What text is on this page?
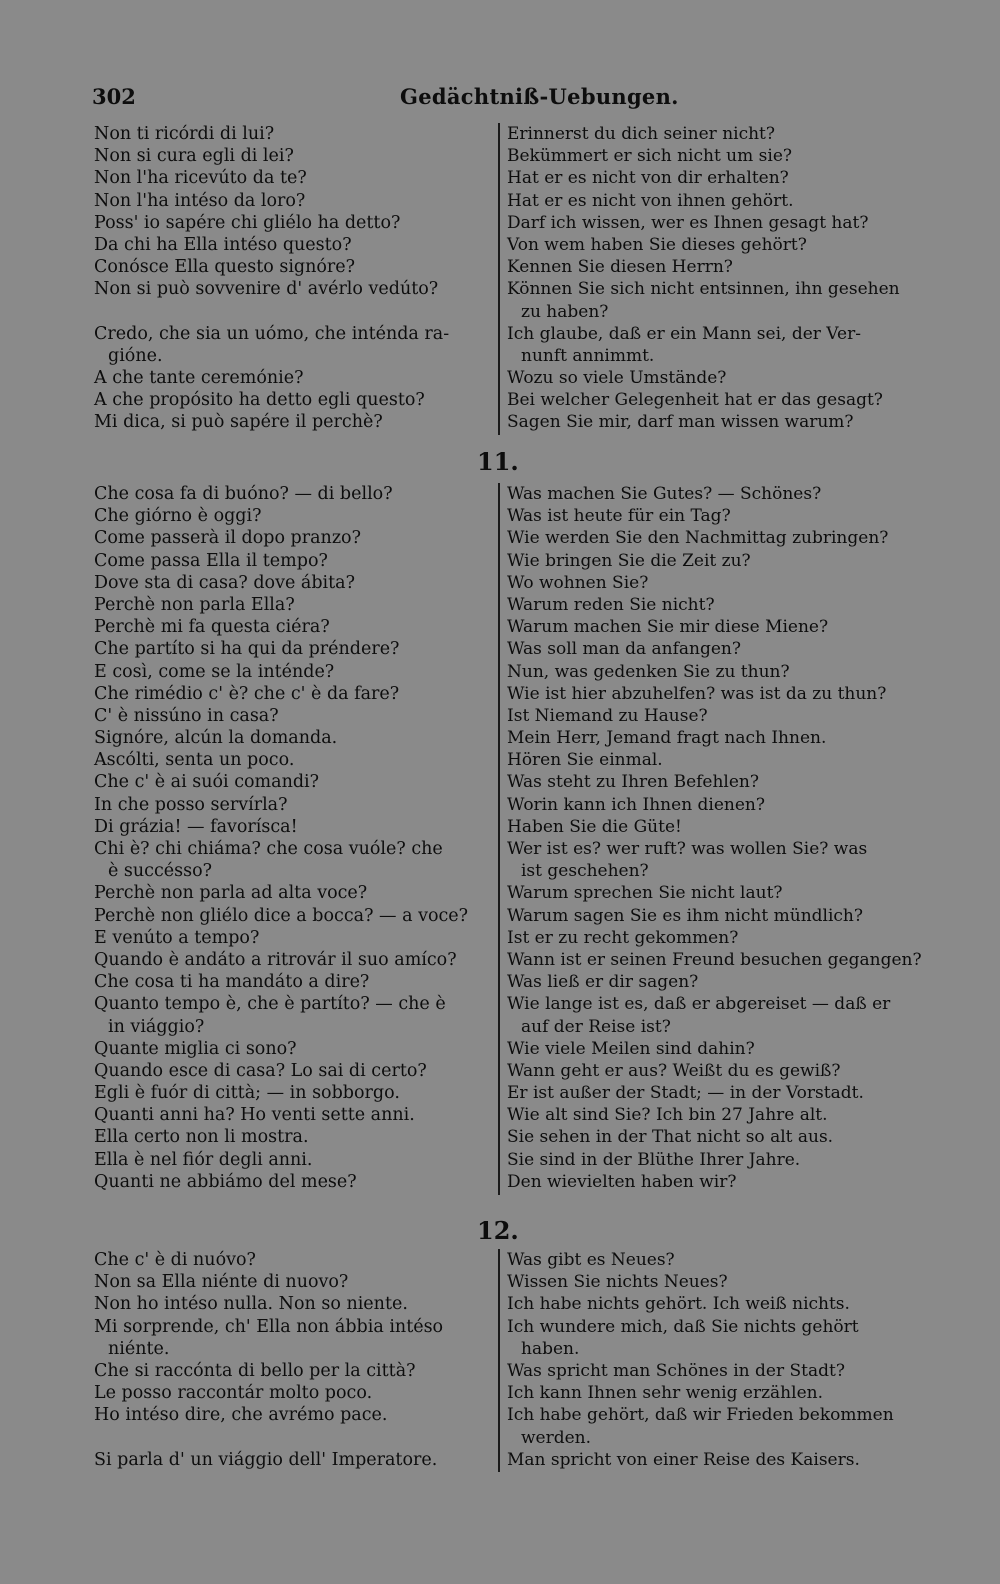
302	Gedächtniß-Uebungen.
Non ti ricórdi di lui?
Non si cura egli di lei?
Non l'ha ricevúto da te?
Non l'ha intéso da loro?
Poss' io sapére chi gliélo ha detto?
Da chi ha Ella intéso questo?
Conósce Ella questo signóre?
Non si può sovvenire d' avérlo vedúto?
Credo, che sia un uómo, che inténda ra-
gióne.
A che tante ceremónie?
A che propósito ha detto egli questo?
Mi dica, si può sapére il perchè?
Erinnerst du dich seiner nicht?
Bekümmert er sich nicht um sie?
Hat er es nicht von dir erhalten?
Hat er es nicht von ihnen gehört.
Darf ich wissen, wer es Ihnen gesagt hat?
Von wem haben Sie dieses gehört?
Kennen Sie diesen Herrn?
Können Sie sich nicht entsinnen, ihn gesehen
zu haben?
Ich glaube, daß er ein Mann sei, der Ver-
nunft annimmt.
Wozu so viele Umstände?
Bei welcher Gelegenheit hat er das gesagt?
Sagen Sie mir, darf man wissen warum?
11.
Che cosa fa di buóno? — di bello?
Che giórno è oggi?
Come passerà il dopo pranzo?
Come passa Ella il tempo?
Dove sta di casa? dove ábita?
Perchè non parla Ella?
Perchè mi fa questa ciéra?
Che partíto si ha qui da préndere?
E così, come se la inténde?
Che rimédio c' è? che c' è da fare?
C' è nissúno in casa?
Signóre, alcún la domanda.
Ascólti, senta un poco.
Che c' è ai suói comandi?
In che posso servírla?
Di grázia! — favorísca!
Chi è? chi chiáma? che cosa vuóle? che
è succésso?
Perchè non parla ad alta voce?
Perchè non gliélo dice a bocca? — a voce?
E venúto a tempo?
Quando è andáto a ritrovár il suo amíco?
Che cosa ti ha mandáto a dire?
Quanto tempo è, che è partíto? — che è
in viággio?
Quante miglia ci sono?
Quando esce di casa? Lo sai di certo?
Egli è fuór di città; — in sobborgo.
Quanti anni ha? Ho venti sette anni.
Ella certo non li mostra.
Ella è nel fiór degli anni.
Quanti ne abbiámo del mese?
Was machen Sie Gutes? — Schönes?
Was ist heute für ein Tag?
Wie werden Sie den Nachmittag zubringen?
Wie bringen Sie die Zeit zu?
Wo wohnen Sie?
Warum reden Sie nicht?
Warum machen Sie mir diese Miene?
Was soll man da anfangen?
Nun, was gedenken Sie zu thun?
Wie ist hier abzuhelfen? was ist da zu thun?
Ist Niemand zu Hause?
Mein Herr, Jemand fragt nach Ihnen.
Hören Sie einmal.
Was steht zu Ihren Befehlen?
Worin kann ich Ihnen dienen?
Haben Sie die Güte!
Wer ist es? wer ruft? was wollen Sie? was
ist geschehen?
Warum sprechen Sie nicht laut?
Warum sagen Sie es ihm nicht mündlich?
Ist er zu recht gekommen?
Wann ist er seinen Freund besuchen gegangen?
Was ließ er dir sagen?
Wie lange ist es, daß er abgereiset — daß er
auf der Reise ist?
Wie viele Meilen sind dahin?
Wann geht er aus? Weißt du es gewiß?
Er ist außer der Stadt; — in der Vorstadt.
Wie alt sind Sie? Ich bin 27 Jahre alt.
Sie sehen in der That nicht so alt aus.
Sie sind in der Blüthe Ihrer Jahre.
Den wievielten haben wir?
12.
Che c' è di nuóvo?
Non sa Ella niénte di nuovo?
Non ho intéso nulla. Non so niente.
Mi sorprende, ch' Ella non ábbia intéso
niénte.
Che si raccónta di bello per la città?
Le posso raccontár molto poco.
Ho intéso dire, che avrémo pace.
Si parla d' un viággio dell' Imperatore.
Was gibt es Neues?
Wissen Sie nichts Neues?
Ich habe nichts gehört. Ich weiß nichts.
Ich wundere mich, daß Sie nichts gehört
haben.
Was spricht man Schönes in der Stadt?
Ich kann Ihnen sehr wenig erzählen.
Ich habe gehört, daß wir Frieden bekommen
werden.
Man spricht von einer Reise des Kaisers.
